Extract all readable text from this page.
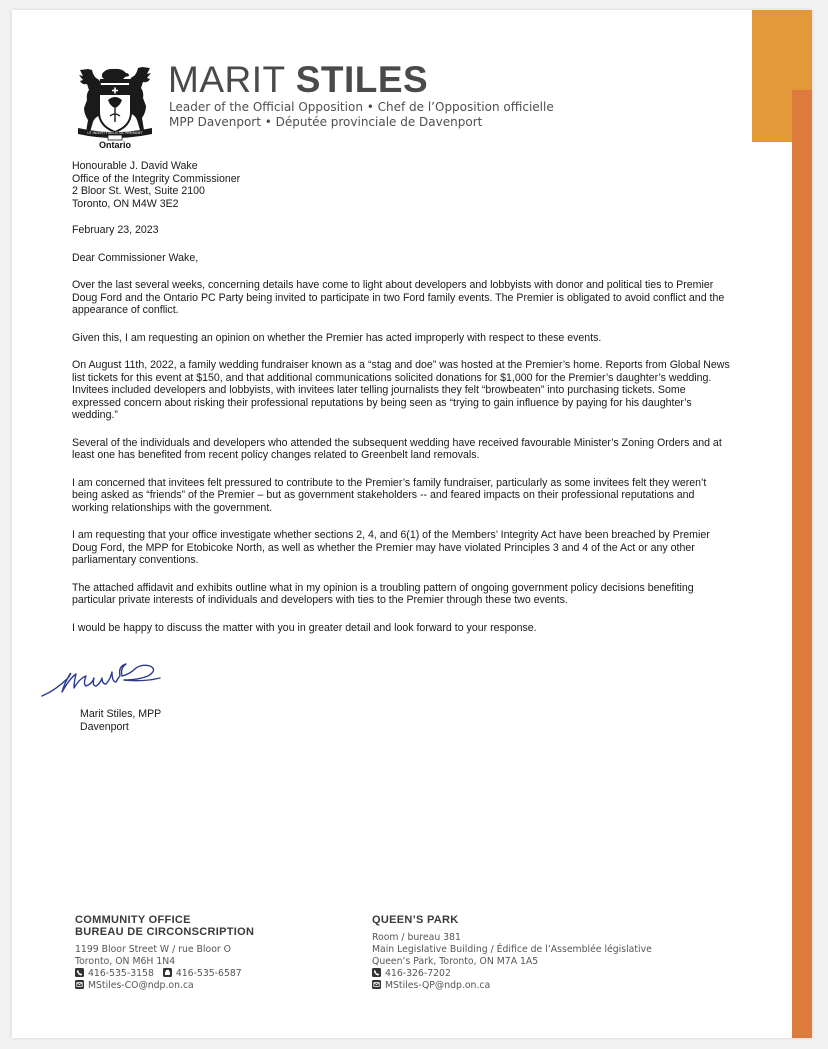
UT INCEPIT FIDELIS SIC PERMANET
Ontario
MARIT STILES
Leader of the Official Opposition • Chef de l’Opposition officielle
MPP Davenport • Députée provinciale de Davenport
Honourable J. David Wake
Office of the Integrity Commissioner
2 Bloor St. West, Suite 2100
Toronto, ON M4W 3E2
February 23, 2023
Dear Commissioner Wake,
Over the last several weeks, concerning details have come to light about developers and lobbyists with donor and political ties to Premier Doug Ford and the Ontario PC Party being invited to participate in two Ford family events. The Premier is obligated to avoid conflict and the appearance of conflict.
Given this, I am requesting an opinion on whether the Premier has acted improperly with respect to these events.
On August 11th, 2022, a family wedding fundraiser known as a “stag and doe” was hosted at the Premier’s home. Reports from Global News list tickets for this event at $150, and that additional communications solicited donations for $1,000 for the Premier’s daughter’s wedding. Invitees included developers and lobbyists, with invitees later telling journalists they felt “browbeaten” into purchasing tickets. Some expressed concern about risking their professional reputations by being seen as “trying to gain influence by paying for his daughter’s wedding.”
Several of the individuals and developers who attended the subsequent wedding have received favourable Minister’s Zoning Orders and at least one has benefited from recent policy changes related to Greenbelt land removals.
I am concerned that invitees felt pressured to contribute to the Premier’s family fundraiser, particularly as some invitees felt they weren’t being asked as “friends” of the Premier – but as government stakeholders -- and feared impacts on their professional reputations and working relationships with the government.
I am requesting that your office investigate whether sections 2, 4, and 6(1) of the Members’ Integrity Act have been breached by Premier Doug Ford, the MPP for Etobicoke North, as well as whether the Premier may have violated Principles 3 and 4 of the Act or any other parliamentary conventions.
The attached affidavit and exhibits outline what in my opinion is a troubling pattern of ongoing government policy decisions benefiting particular private interests of individuals and developers with ties to the Premier through these two events.
I would be happy to discuss the matter with you in greater detail and look forward to your response.
Marit Stiles, MPP
Davenport
COMMUNITY OFFICE
BUREAU DE CIRCONSCRIPTION
1199 Bloor Street W / rue Bloor O
Toronto, ON M6H 1N4
416-535-3158 416-535-6587
MStiles-CO@ndp.on.ca
QUEEN’S PARK
Room / bureau 381
Main Legislative Building / Édifice de l’Assemblée législative
Queen’s Park, Toronto, ON M7A 1A5
416-326-7202
MStiles-QP@ndp.on.ca
